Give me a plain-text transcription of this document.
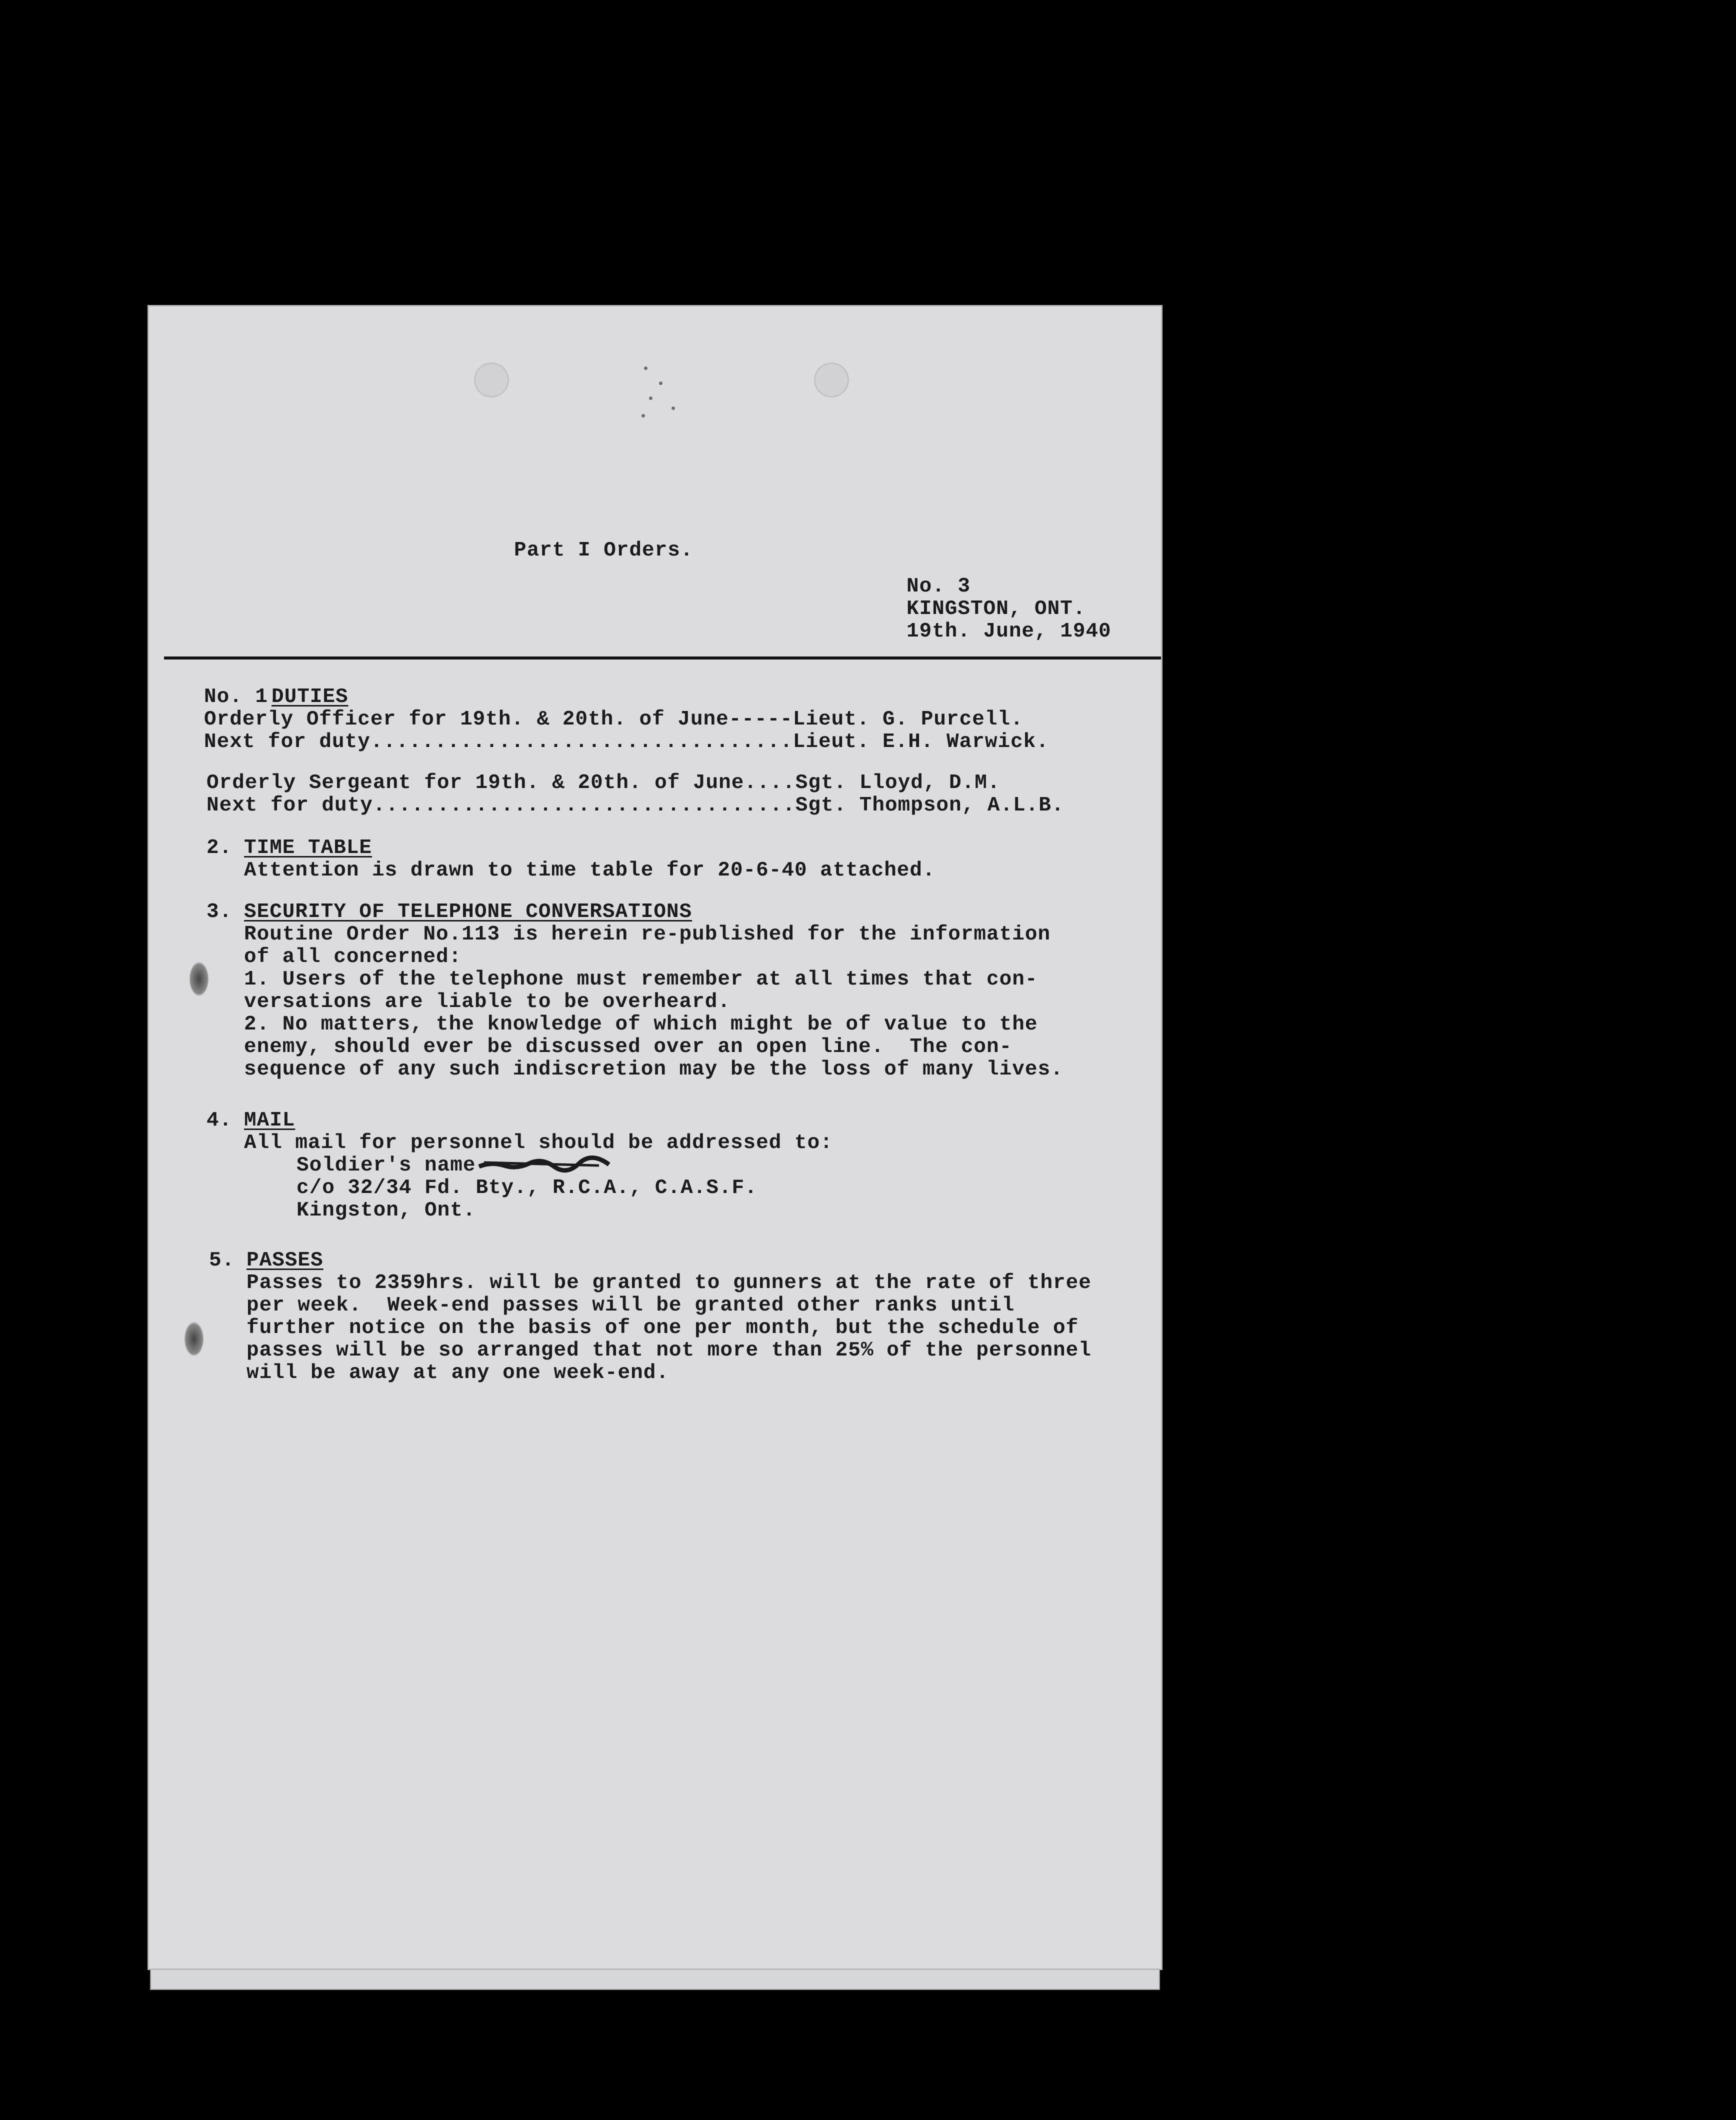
Part I Orders.
No. 3
KINGSTON, ONT.
19th. June, 1940
No. 1.
DUTIES
Orderly Officer for 19th. & 20th. of June-----Lieut. G. Purcell.
Next for duty.................................Lieut. E.H. Warwick.
Orderly Sergeant for 19th. & 20th. of June....Sgt. Lloyd, D.M.
Next for duty.................................Sgt. Thompson, A.L.B.
2. TIME TABLE
Attention is drawn to time table for 20-6-40 attached.
3. SECURITY OF TELEPHONE CONVERSATIONS
Routine Order No.113 is herein re-published for the information
of all concerned:
1. Users of the telephone must remember at all times that con-
versations are liable to be overheard.
2. No matters, the knowledge of which might be of value to the
enemy, should ever be discussed over an open line.  The con-
sequence of any such indiscretion may be the loss of many lives.
4. MAIL
All mail for personnel should be addressed to:
Soldier's name
c/o 32/34 Fd. Bty., R.C.A., C.A.S.F.
Kingston, Ont.
5. PASSES
Passes to 2359hrs. will be granted to gunners at the rate of three
per week.  Week-end passes will be granted other ranks until
further notice on the basis of one per month, but the schedule of
passes will be so arranged that not more than 25% of the personnel
will be away at any one week-end.
